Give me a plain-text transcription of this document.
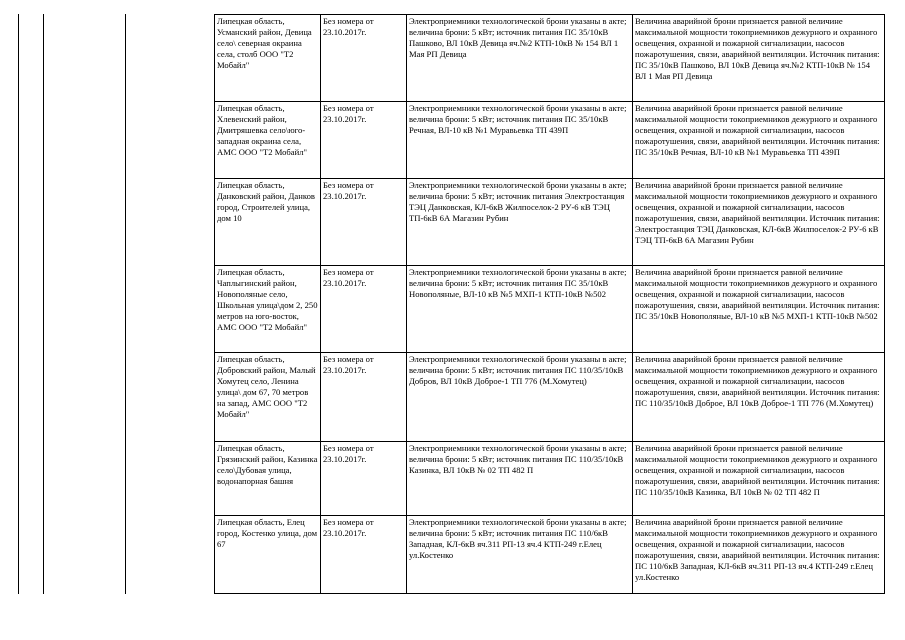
Липецкая область, Усманский район, Девица село\ северная окраина села, столб ООО "Т2 Мобайл"	Без номера от 23.10.2017г.	Электроприемники технологической брони указаны в акте; величина брони: 5 кВт; источник питания ПС 35/10кВ Пашково, ВЛ 10кВ Девица яч.№2 КТП-10кВ № 154 ВЛ 1 Мая РП Девица	Величина аварийной брони признается равной величине максимальной мощности токоприемников дежурного и охранного освещения, охранной и пожарной сигнализации, насосов пожаротушения, связи, аварийной вентиляции. Источник питания: ПС 35/10кВ Пашково, ВЛ 10кВ Девица яч.№2 КТП-10кВ № 154 ВЛ 1 Мая РП Девица
Липецкая область, Хлевенский район, Дмитряшевка село\юго-западная окраина села, АМС ООО "Т2 Мобайл"	Без номера от 23.10.2017г.	Электроприемники технологической брони указаны в акте; величина брони: 5 кВт; источник питания ПС 35/10кВ Речная, ВЛ-10 кВ №1 Муравьевка ТП 439П	Величина аварийной брони признается равной величине максимальной мощности токоприемников дежурного и охранного освещения, охранной и пожарной сигнализации, насосов пожаротушения, связи, аварийной вентиляции. Источник питания: ПС 35/10кВ Речная, ВЛ-10 кВ №1 Муравьевка ТП 439П
Липецкая область, Данковский район, Данков город, Строителей улица, дом 10	Без номера от 23.10.2017г.	Электроприемники технологической брони указаны в акте; величина брони: 5 кВт; источник питания Электростанция ТЭЦ Данковская, КЛ-6кВ Жилпоселок-2 РУ-6 кВ ТЭЦ ТП-6кВ 6А Магазин Рубин	Величина аварийной брони признается равной величине максимальной мощности токоприемников дежурного и охранного освещения, охранной и пожарной сигнализации, насосов пожаротушения, связи, аварийной вентиляции. Источник питания: Электростанция ТЭЦ Данковская, КЛ-6кВ Жилпоселок-2 РУ-6 кВ ТЭЦ ТП-6кВ 6А Магазин Рубин
Липецкая область, Чаплыгинский район, Новополяные село, Школьная улица\дом 2, 250 метров на юго-восток, АМС ООО "Т2 Мобайл"	Без номера от 23.10.2017г.	Электроприемники технологической брони указаны в акте; величина брони: 5 кВт; источник питания ПС 35/10кВ Новополяные, ВЛ-10 кВ №5 МХП-1 КТП-10кВ №502	Величина аварийной брони признается равной величине максимальной мощности токоприемников дежурного и охранного освещения, охранной и пожарной сигнализации, насосов пожаротушения, связи, аварийной вентиляции. Источник питания: ПС 35/10кВ Новополяные, ВЛ-10 кВ №5 МХП-1 КТП-10кВ №502
Липецкая область, Добровский район, Малый Хомутец село, Ленина улица\ дом 67, 70 метров на запад, АМС ООО "Т2 Мобайл"	Без номера от 23.10.2017г.	Электроприемники технологической брони указаны в акте; величина брони: 5 кВт; источник питания ПС 110/35/10кВ Добров, ВЛ 10кВ Доброе-1 ТП 776 (М.Хомутец)	Величина аварийной брони признается равной величине максимальной мощности токоприемников дежурного и охранного освещения, охранной и пожарной сигнализации, насосов пожаротушения, связи, аварийной вентиляции. Источник питания: ПС 110/35/10кВ Доброе, ВЛ 10кВ Доброе-1 ТП 776 (М.Хомутец)
Липецкая область, Грязинский район, Казинка село\Дубовая улица, водонапорная башня	Без номера от 23.10.2017г.	Электроприемники технологической брони указаны в акте; величина брони: 5 кВт; источник питания ПС 110/35/10кВ Казинка, ВЛ 10кВ № 02 ТП 482 П	Величина аварийной брони признается равной величине максимальной мощности токоприемников дежурного и охранного освещения, охранной и пожарной сигнализации, насосов пожаротушения, связи, аварийной вентиляции. Источник питания: ПС 110/35/10кВ Казинка, ВЛ 10кВ № 02 ТП 482 П
Липецкая область, Елец город, Костенко улица, дом 67	Без номера от 23.10.2017г.	Электроприемники технологической брони указаны в акте; величина брони: 5 кВт; источник питания ПС 110/6кВ Западная, КЛ-6кВ яч.311 РП-13 яч.4 КТП-249 г.Елец ул.Костенко	Величина аварийной брони признается равной величине максимальной мощности токоприемников дежурного и охранного освещения, охранной и пожарной сигнализации, насосов пожаротушения, связи, аварийной вентиляции. Источник питания: ПС 110/6кВ Западная, КЛ-6кВ яч.311 РП-13 яч.4 КТП-249 г.Елец ул.Костенко
